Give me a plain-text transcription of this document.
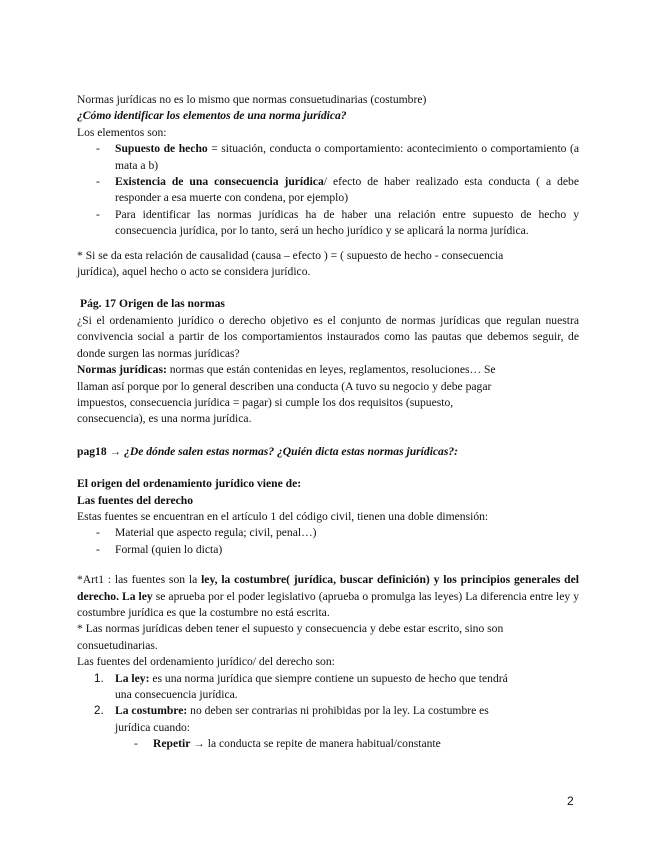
Normas jurídicas no es lo mismo que normas consuetudinarias (costumbre)

¿Cómo identificar los elementos de una norma jurídica?

Los elementos son:

- Supuesto de hecho = situación, conducta o comportamiento: acontecimiento o comportamiento (a mata a b)
- Existencia de una consecuencia jurídica/ efecto de haber realizado esta conducta ( a debe responder a esa muerte con condena, por ejemplo)
- Para identificar las normas jurídicas ha de haber una relación entre supuesto de hecho y consecuencia jurídica, por lo tanto, será un hecho jurídico y se aplicará la norma jurídica.

* Si se da esta relación de causalidad (causa – efecto ) = ( supuesto de hecho - consecuencia

jurídica), aquel hecho o acto se considera jurídico.

Pág. 17 Origen de las normas

¿Si el ordenamiento jurídico o derecho objetivo es el conjunto de normas jurídicas que regulan nuestra convivencia social a partir de los comportamientos instaurados como las pautas que debemos seguir, de donde surgen las normas jurídicas?

Normas jurídicas: normas que están contenidas en leyes, reglamentos, resoluciones… Se

llaman así porque por lo general describen una conducta (A tuvo su negocio y debe pagar

impuestos, consecuencia jurídica = pagar) si cumple los dos requisitos (supuesto,

consecuencia), es una norma jurídica.

pag18 → ¿De dónde salen estas normas? ¿Quién dicta estas normas jurídicas?:

El origen del ordenamiento jurídico viene de:

Las fuentes del derecho

Estas fuentes se encuentran en el artículo 1 del código civil, tienen una doble dimensión:

- Material que aspecto regula; civil, penal…)
- Formal (quien lo dicta)

*Art1 : las fuentes son la ley, la costumbre( jurídica, buscar definición) y los principios generales del derecho. La ley se aprueba por el poder legislativo (aprueba o promulga las leyes) La diferencia entre ley y costumbre jurídica es que la costumbre no está escrita.

* Las normas jurídicas deben tener el supuesto y consecuencia y debe estar escrito, sino son

consuetudinarias.

Las fuentes del ordenamiento jurídico/ del derecho son:

1. La ley: es una norma jurídica que siempre contiene un supuesto de hecho que tendrá

una consecuencia jurídica.

2. La costumbre: no deben ser contrarias ni prohibidas por la ley. La costumbre es

jurídica cuando:

- Repetir → la conducta se repite de manera habitual/constante
2
